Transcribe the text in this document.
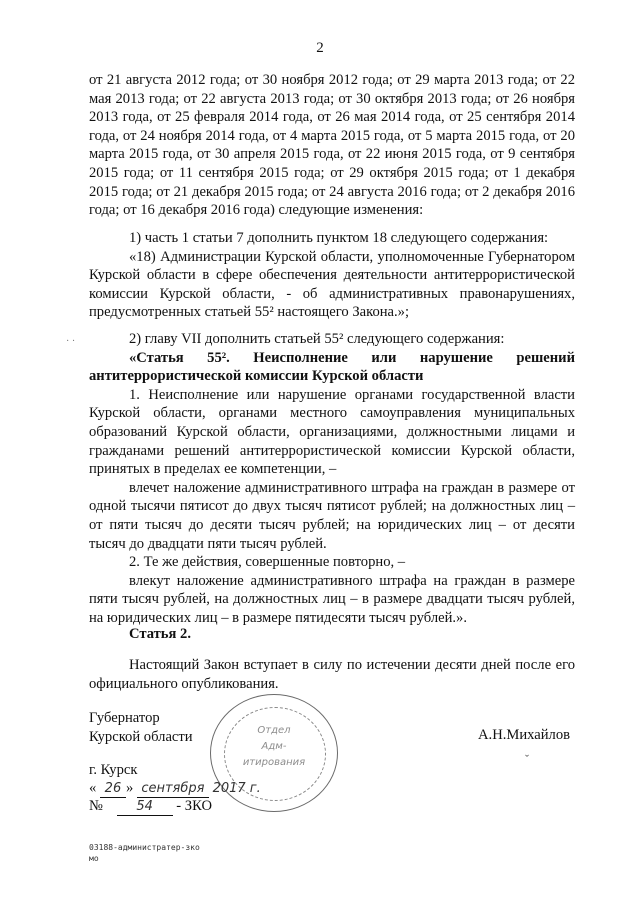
2
· ·

от 21 августа 2012 года; от 30 ноября 2012 года; от 29 марта 2013 года; от 22 мая 2013 года; от 22 августа 2013 года; от 30 октября 2013 года; от 26 ноября 2013 года, от 25 февраля 2014 года, от 26 мая 2014 года, от 25 сентября 2014 года, от 24 ноября 2014 года, от 4 марта 2015 года, от 5 марта 2015 года, от 20 марта 2015 года, от 30 апреля 2015 года, от 22 июня 2015 года, от 9 сентября 2015 года; от 11 сентября 2015 года; от 29 октября 2015 года; от 1 декабря 2015 года; от 21 декабря 2015 года; от 24 августа 2016 года; от 2 декабря 2016 года; от 16 декабря 2016 года) следующие изменения:

1) часть 1 статьи 7 дополнить пунктом 18 следующего содержания:

«18) Администрации Курской области, уполномоченные Губернатором Курской области в сфере обеспечения деятельности антитеррористической комиссии Курской области, - об административных правонарушениях, предусмотренных статьей 55² настоящего Закона.»;

2) главу VII дополнить статьей 55² следующего содержания:

«Статья 55². Неисполнение или нарушение решений антитеррористической комиссии Курской области

1. Неисполнение или нарушение органами государственной власти Курской области, органами местного самоуправления муниципальных образований Курской области, организациями, должностными лицами и гражданами решений антитеррористической комиссии Курской области, принятых в пределах ее компетенции, –

влечет наложение административного штрафа на граждан в размере от одной тысячи пятисот до двух тысяч пятисот рублей; на должностных лиц – от пяти тысяч до десяти тысяч рублей; на юридических лиц – от десяти тысяч до двадцати пяти тысяч рублей.

2. Те же действия, совершенные повторно, –

влекут наложение административного штрафа на граждан в размере пяти тысяч рублей, на должностных лиц – в размере двадцати тысяч рублей, на юридических лиц – в размере пятидесяти тысяч рублей.».

Статья 2.

Настоящий Закон вступает в силу по истечении десяти дней после его официального опубликования.

Губернатор
Курской области	Отдел
Адм-
итирования
А.Н.Михайлов
ˇ
г. Курск
« 26 » сентября 2017 г.
№	54 - ЗКО
03188-администратер-зко
мо
